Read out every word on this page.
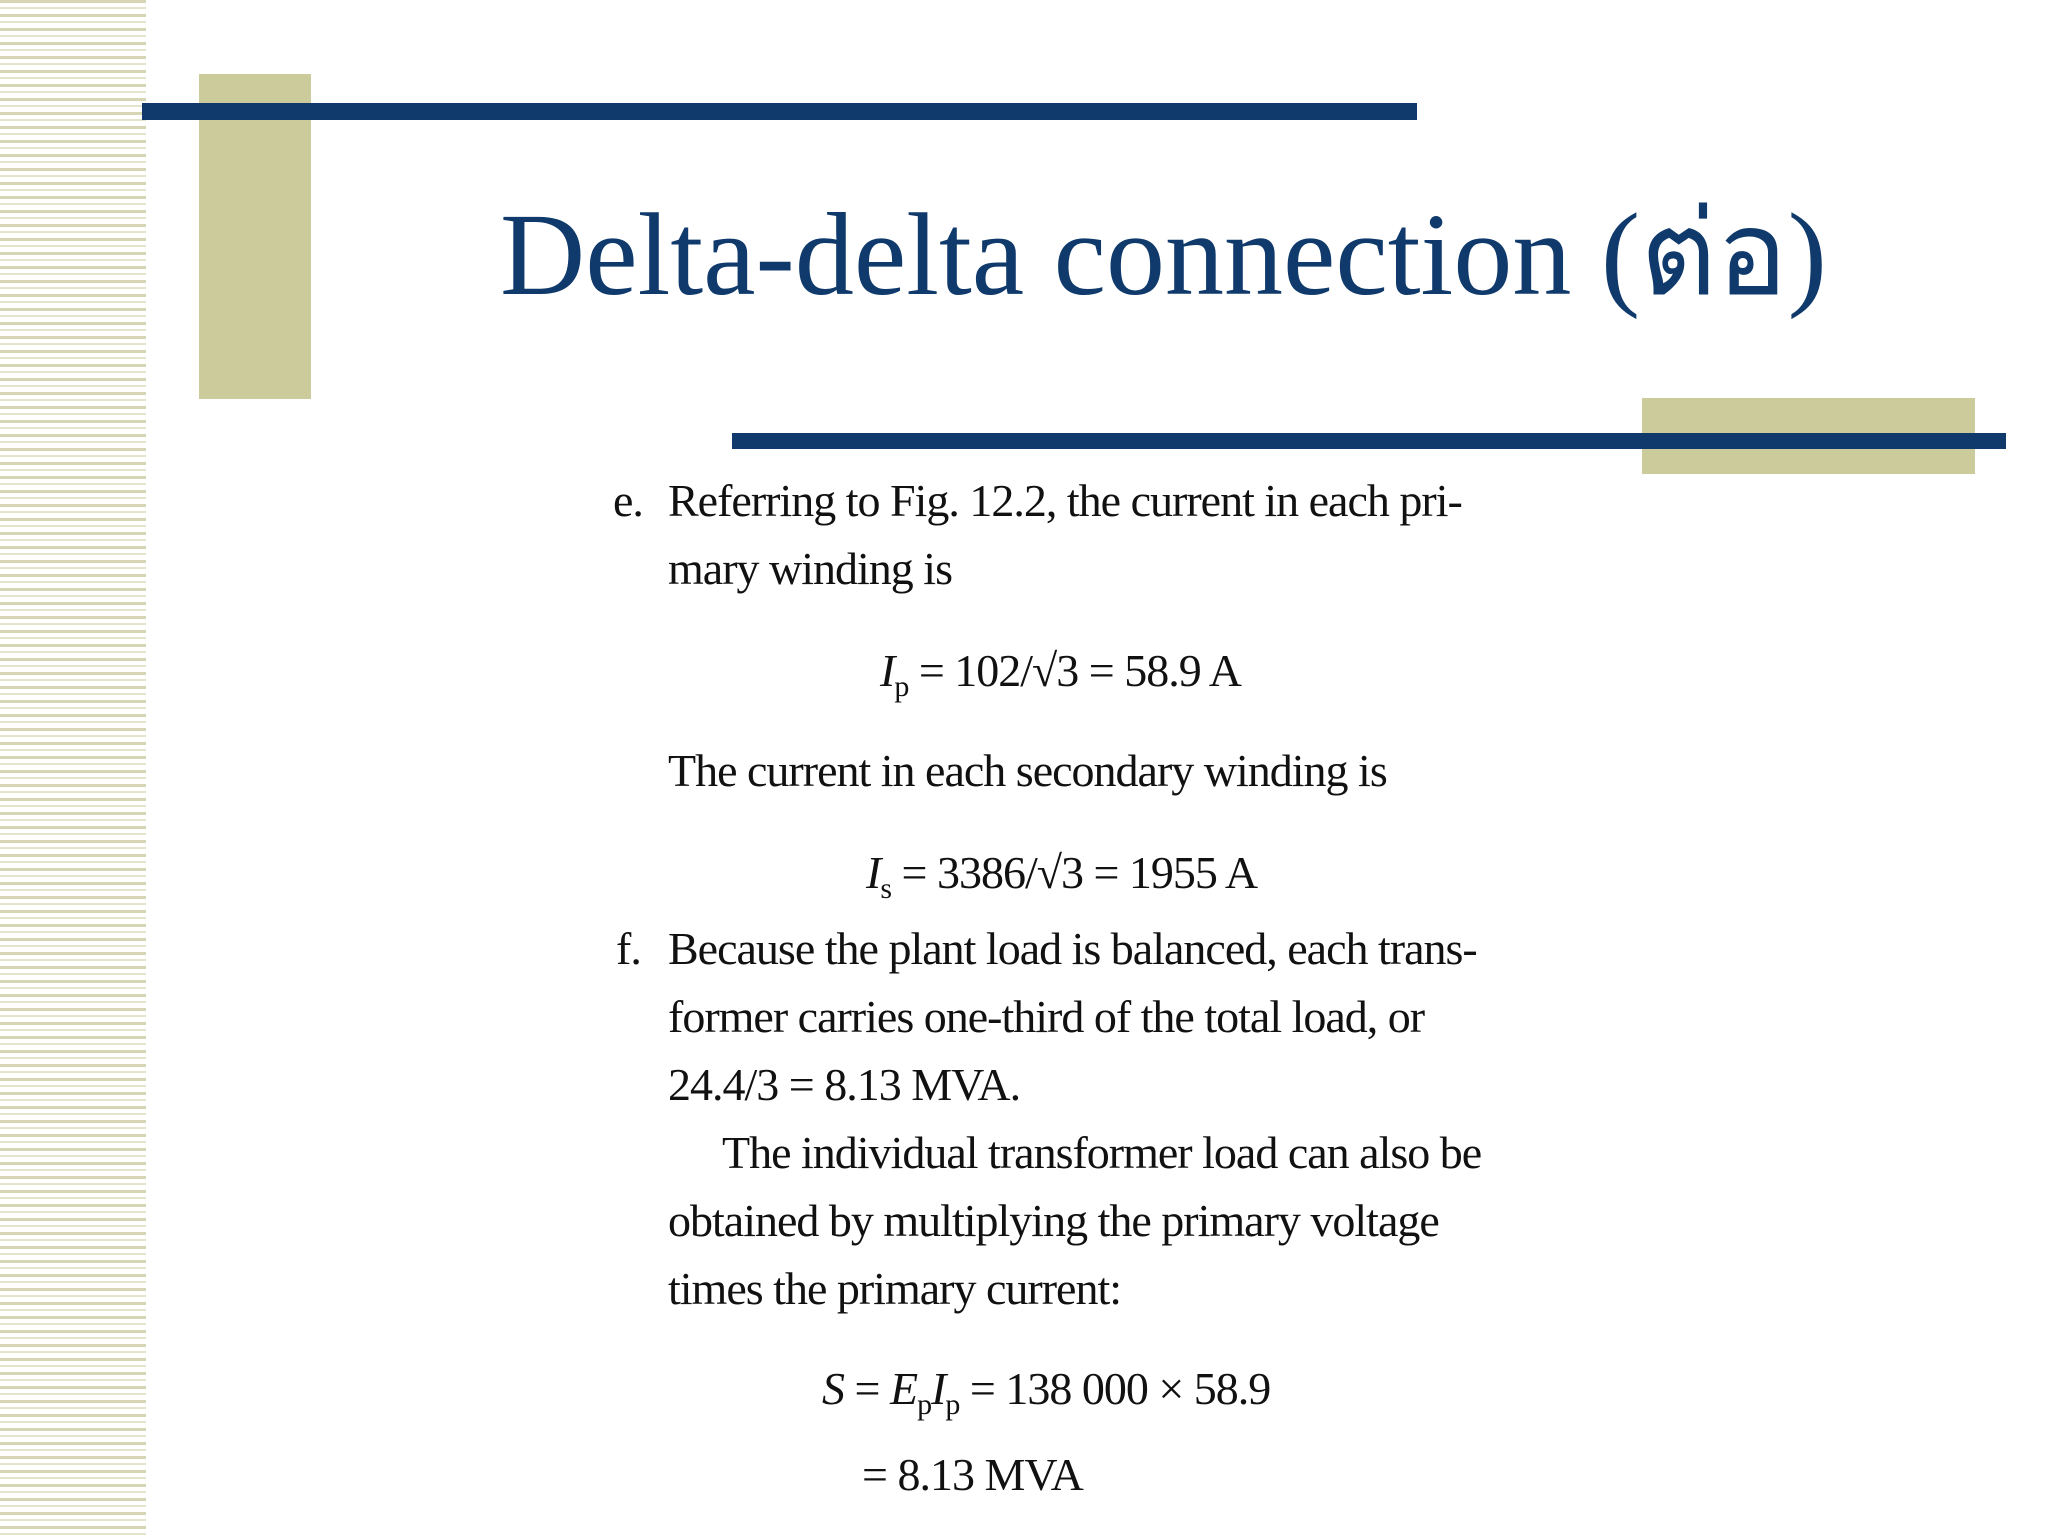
Delta-delta connection (ต่อ)
e. Referring to Fig. 12.2, the current in each pri-
mary winding is
$I_p = 102/√3 = 58.9$ A
The current in each secondary winding is
$I_s = 3386/√3 = 1955$ A
f. Because the plant load is balanced, each trans-
former carries one-third of the total load, or
24.4/3 = 8.13 MVA.
The individual transformer load can also be
obtained by multiplying the primary voltage
times the primary current:
$S = E_pI_p = 138$ 000 × 58.9
= 8.13 MVA
